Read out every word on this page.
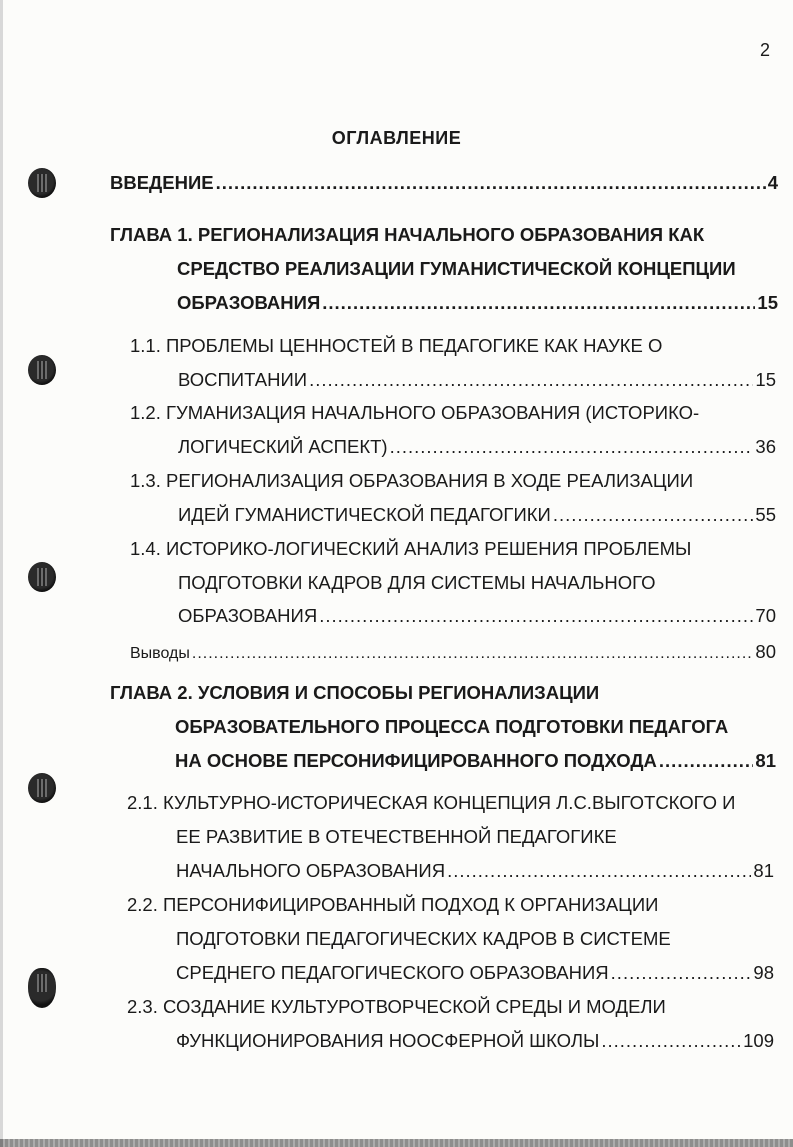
2
ОГЛАВЛЕНИЕ
ВВЕДЕНИЕ .....	4
ГЛАВА 1. РЕГИОНАЛИЗАЦИЯ НАЧАЛЬНОГО ОБРАЗОВАНИЯ КАК
СРЕДСТВО РЕАЛИЗАЦИИ ГУМАНИСТИЧЕСКОЙ КОНЦЕПЦИИ
ОБРАЗОВАНИЯ .....	15
1.1. ПРОБЛЕМЫ ЦЕННОСТЕЙ В ПЕДАГОГИКЕ КАК НАУКЕ О
ВОСПИТАНИИ .....	15
1.2. ГУМАНИЗАЦИЯ НАЧАЛЬНОГО ОБРАЗОВАНИЯ (ИСТОРИКО-
ЛОГИЧЕСКИЙ АСПЕКТ) .....	36
1.3. РЕГИОНАЛИЗАЦИЯ ОБРАЗОВАНИЯ В ХОДЕ РЕАЛИЗАЦИИ
ИДЕЙ ГУМАНИСТИЧЕСКОЙ ПЕДАГОГИКИ .....	55
1.4. ИСТОРИКО-ЛОГИЧЕСКИЙ АНАЛИЗ РЕШЕНИЯ ПРОБЛЕМЫ
ПОДГОТОВКИ КАДРОВ ДЛЯ СИСТЕМЫ НАЧАЛЬНОГО
ОБРАЗОВАНИЯ .....	70
Выводы .....	80
ГЛАВА 2. УСЛОВИЯ И СПОСОБЫ РЕГИОНАЛИЗАЦИИ
ОБРАЗОВАТЕЛЬНОГО ПРОЦЕССА ПОДГОТОВКИ ПЕДАГОГА
НА ОСНОВЕ ПЕРСОНИФИЦИРОВАННОГО ПОДХОДА .....	81
2.1. КУЛЬТУРНО-ИСТОРИЧЕСКАЯ КОНЦЕПЦИЯ Л.С.ВЫГОТСКОГО И
ЕЕ РАЗВИТИЕ В ОТЕЧЕСТВЕННОЙ ПЕДАГОГИКЕ
НАЧАЛЬНОГО ОБРАЗОВАНИЯ .....	81
2.2. ПЕРСОНИФИЦИРОВАННЫЙ ПОДХОД К ОРГАНИЗАЦИИ
ПОДГОТОВКИ ПЕДАГОГИЧЕСКИХ КАДРОВ В СИСТЕМЕ
СРЕДНЕГО ПЕДАГОГИЧЕСКОГО ОБРАЗОВАНИЯ .....	98
2.3. СОЗДАНИЕ КУЛЬТУРОТВОРЧЕСКОЙ СРЕДЫ И МОДЕЛИ
ФУНКЦИОНИРОВАНИЯ НООСФЕРНОЙ ШКОЛЫ .....	109
